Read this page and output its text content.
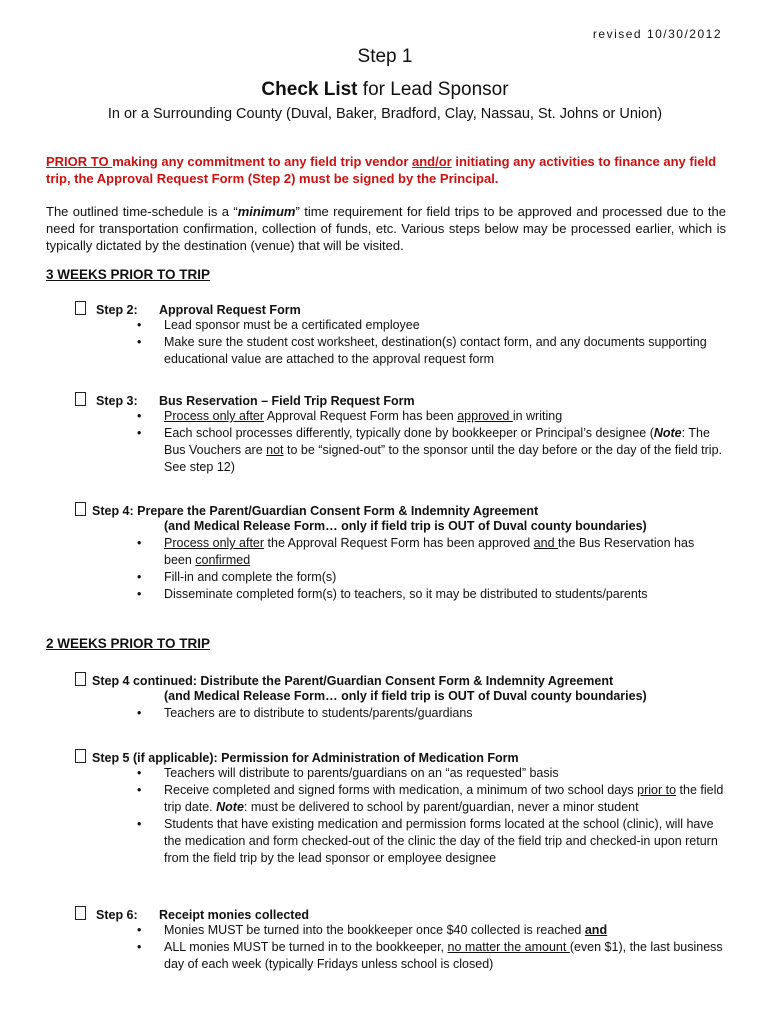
revised 10/30/2012
Step 1
Check List for Lead Sponsor
In or a Surrounding County (Duval, Baker, Bradford, Clay, Nassau, St. Johns or Union)
PRIOR TO making any commitment to any field trip vendor and/or initiating any activities to finance any field trip, the Approval Request Form (Step 2) must be signed by the Principal.
The outlined time-schedule is a “minimum” time requirement for field trips to be approved and processed due to the need for transportation confirmation, collection of funds, etc. Various steps below may be processed earlier, which is typically dictated by the destination (venue) that will be visited.
3 WEEKS PRIOR TO TRIP
Step 2: Approval Request Form
• Lead sponsor must be a certificated employee
• Make sure the student cost worksheet, destination(s) contact form, and any documents supporting educational value are attached to the approval request form
Step 3: Bus Reservation – Field Trip Request Form
• Process only after Approval Request Form has been approved in writing
• Each school processes differently, typically done by bookkeeper or Principal’s designee (Note: The Bus Vouchers are not to be “signed-out” to the sponsor until the day before or the day of the field trip. See step 12)
Step 4: Prepare the Parent/Guardian Consent Form & Indemnity Agreement
(and Medical Release Form… only if field trip is OUT of Duval county boundaries)
• Process only after the Approval Request Form has been approved and the Bus Reservation has been confirmed
• Fill-in and complete the form(s)
• Disseminate completed form(s) to teachers, so it may be distributed to students/parents
2 WEEKS PRIOR TO TRIP
Step 4 continued: Distribute the Parent/Guardian Consent Form & Indemnity Agreement
(and Medical Release Form… only if field trip is OUT of Duval county boundaries)
• Teachers are to distribute to students/parents/guardians
Step 5 (if applicable): Permission for Administration of Medication Form
• Teachers will distribute to parents/guardians on an “as requested” basis
• Receive completed and signed forms with medication, a minimum of two school days prior to the field trip date. Note: must be delivered to school by parent/guardian, never a minor student
• Students that have existing medication and permission forms located at the school (clinic), will have the medication and form checked-out of the clinic the day of the field trip and checked-in upon return from the field trip by the lead sponsor or employee designee
Step 6: Receipt monies collected
• Monies MUST be turned into the bookkeeper once $40 collected is reached and
• ALL monies MUST be turned in to the bookkeeper, no matter the amount (even $1), the last business day of each week (typically Fridays unless school is closed)
